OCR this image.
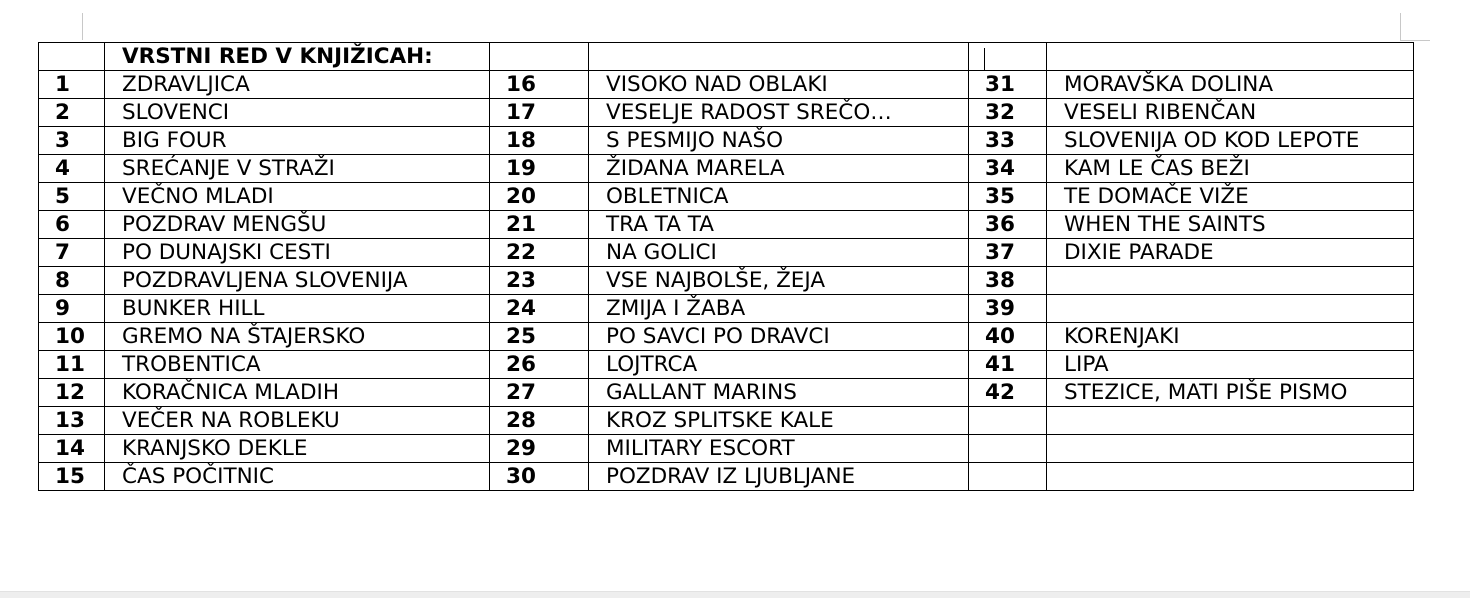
	VRSTNI RED V KNJIŽICAH:				
1	ZDRAVLJICA	16	VISOKO NAD OBLAKI	31	MORAVŠKA DOLINA
2	SLOVENCI	17	VESELJE RADOST SREČO…	32	VESELI RIBENČAN
3	BIG FOUR	18	S PESMIJO NAŠO	33	SLOVENIJA OD KOD LEPOTE
4	SREĆANJE V STRAŽI	19	ŽIDANA MARELA	34	KAM LE ČAS BEŽI
5	VEČNO MLADI	20	OBLETNICA	35	TE DOMAČE VIŽE
6	POZDRAV MENGŠU	21	TRA TA TA	36	WHEN THE SAINTS
7	PO DUNAJSKI CESTI	22	NA GOLICI	37	DIXIE PARADE
8	POZDRAVLJENA SLOVENIJA	23	VSE NAJBOLŠE, ŽEJA	38	
9	BUNKER HILL	24	ZMIJA I ŽABA	39	
10	GREMO NA ŠTAJERSKO	25	PO SAVCI PO DRAVCI	40	KORENJAKI
11	TROBENTICA	26	LOJTRCA	41	LIPA
12	KORAČNICA MLADIH	27	GALLANT MARINS	42	STEZICE, MATI PIŠE PISMO
13	VEČER NA ROBLEKU	28	KROZ SPLITSKE KALE		
14	KRANJSKO DEKLE	29	MILITARY ESCORT		
15	ČAS POČITNIC	30	POZDRAV IZ LJUBLJANE		
